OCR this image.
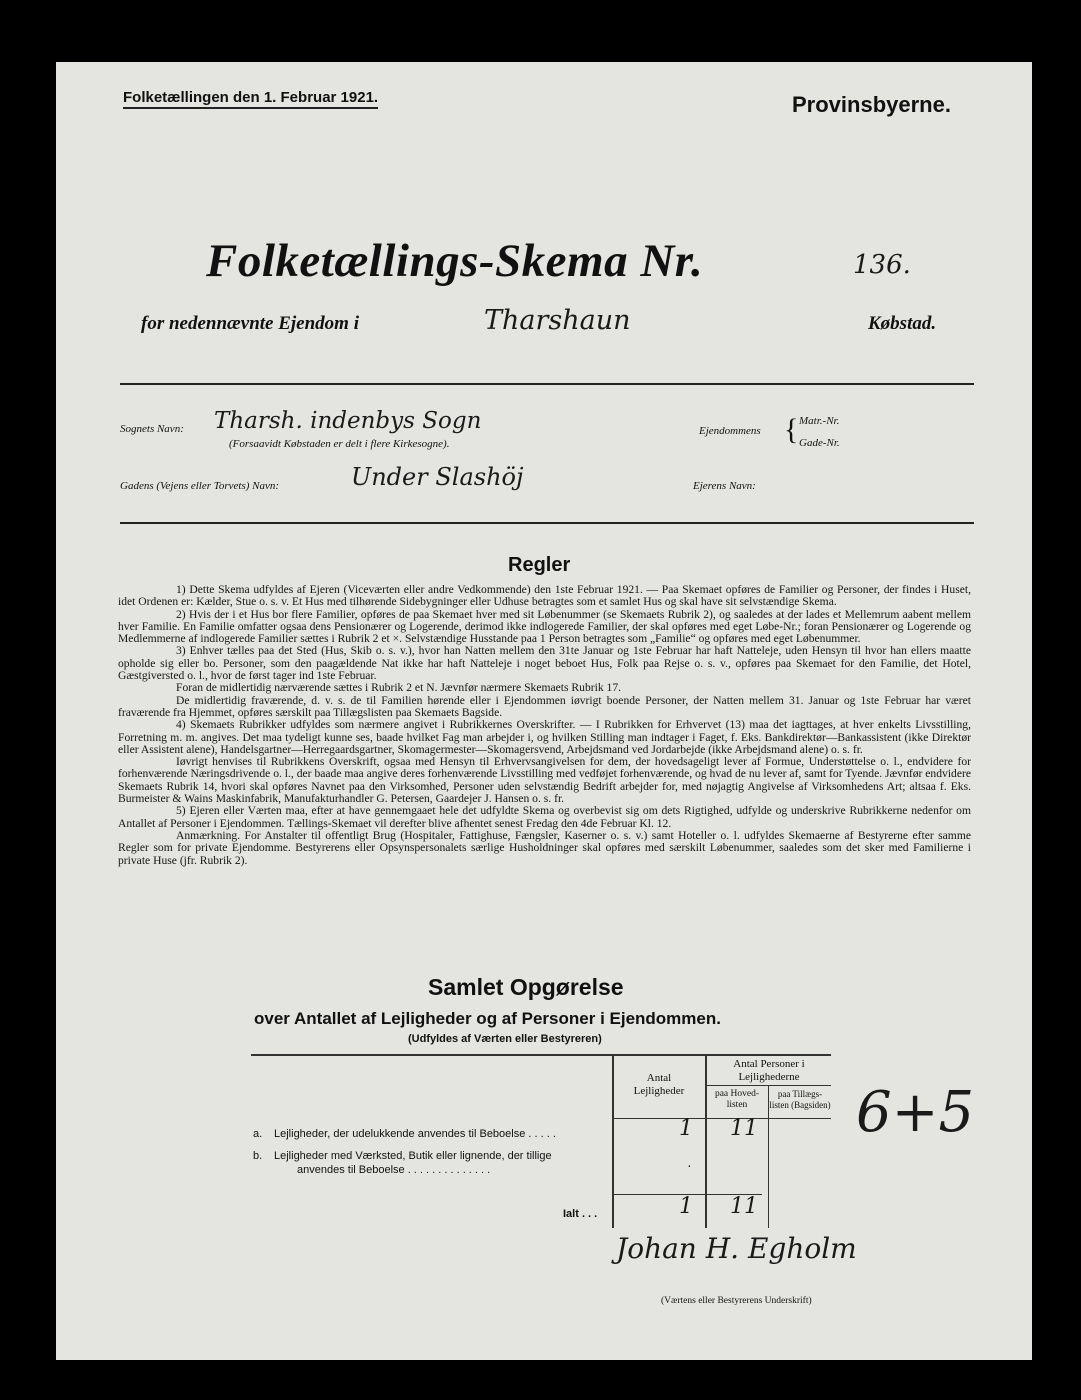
Folketællingen den 1. Februar 1921.	Provinsbyerne.
Folketællings-Skema Nr.	136.
for nedennævnte Ejendom i	Tharshaun	Købstad.
Sognets Navn: Tharsh. indenbys Sogn
(Forsaavidt Købstaden er delt i flere Kirkesogne).
Ejendommens { Matr.-Nr.
Gade-Nr.
Gadens (Vejens eller Torvets) Navn:	Under Slashöj	Ejerens Navn:
Regler

1) Dette Skema udfyldes af Ejeren (Viceværten eller andre Vedkommende) den 1ste Februar 1921. — Paa Skemaet opføres de Familier og Personer, der findes i Huset, idet Ordenen er: Kælder, Stue o. s. v. Et Hus med tilhørende Sidebygninger eller Udhuse betragtes som et samlet Hus og skal have sit selvstændige Skema.

2) Hvis der i et Hus bor flere Familier, opføres de paa Skemaet hver med sit Løbenummer (se Skemaets Rubrik 2), og saaledes at der lades et Mellemrum aabent mellem hver Familie. En Familie omfatter ogsaa dens Pensionærer og Logerende, derimod ikke indlogerede Familier, der skal opføres med eget Løbe-Nr.; foran Pensionærer og Logerende og Medlemmerne af indlogerede Familier sættes i Rubrik 2 et ×. Selvstændige Husstande paa 1 Person betragtes som „Familie“ og opføres med eget Løbenummer.

3) Enhver tælles paa det Sted (Hus, Skib o. s. v.), hvor han Natten mellem den 31te Januar og 1ste Februar har haft Natteleje, uden Hensyn til hvor han ellers maatte opholde sig eller bo. Personer, som den paagældende Nat ikke har haft Natteleje i noget beboet Hus, Folk paa Rejse o. s. v., opføres paa Skemaet for den Familie, det Hotel, Gæstgiversted o. l., hvor de først tager ind 1ste Februar.

Foran de midlertidig nærværende sættes i Rubrik 2 et N. Jævnfør nærmere Skemaets Rubrik 17.

De midlertidig fraværende, d. v. s. de til Familien hørende eller i Ejendommen iøvrigt boende Personer, der Natten mellem 31. Januar og 1ste Februar har været fraværende fra Hjemmet, opføres særskilt paa Tillægslisten paa Skemaets Bagside.

4) Skemaets Rubrikker udfyldes som nærmere angivet i Rubrikkernes Overskrifter. — I Rubrikken for Erhvervet (13) maa det iagttages, at hver enkelts Livsstilling, Forretning m. m. angives. Det maa tydeligt kunne ses, baade hvilket Fag man arbejder i, og hvilken Stilling man indtager i Faget, f. Eks. Bankdirektør—Bankassistent (ikke Direktør eller Assistent alene), Handelsgartner—Herregaardsgartner, Skomagermester—Skomagersvend, Arbejdsmand ved Jordarbejde (ikke Arbejdsmand alene) o. s. fr.

Iøvrigt henvises til Rubrikkens Overskrift, ogsaa med Hensyn til Erhvervsangivelsen for dem, der hovedsageligt lever af Formue, Understøttelse o. l., endvidere for forhenværende Næringsdrivende o. l., der baade maa angive deres forhenværende Livsstilling med vedføjet forhenværende, og hvad de nu lever af, samt for Tyende. Jævnfør endvidere Skemaets Rubrik 14, hvori skal opføres Navnet paa den Virksomhed, Personer uden selvstændig Bedrift arbejder for, med nøjagtig Angivelse af Virksomhedens Art; altsaa f. Eks. Burmeister & Wains Maskinfabrik, Manufakturhandler G. Petersen, Gaardejer J. Hansen o. s. fr.

5) Ejeren eller Værten maa, efter at have gennemgaaet hele det udfyldte Skema og overbevist sig om dets Rigtighed, udfylde og underskrive Rubrikkerne nedenfor om Antallet af Personer i Ejendommen. Tællings-Skemaet vil derefter blive afhentet senest Fredag den 4de Februar Kl. 12.

Anmærkning. For Anstalter til offentligt Brug (Hospitaler, Fattighuse, Fængsler, Kaserner o. s. v.) samt Hoteller o. l. udfyldes Skemaerne af Bestyrerne efter samme Regler som for private Ejendomme. Bestyrerens eller Opsynspersonalets særlige Husholdninger skal opføres med særskilt Løbenummer, saaledes som det sker med Familierne i private Huse (jfr. Rubrik 2).

Samlet Opgørelse
over Antallet af Lejligheder og af Personer i Ejendommen.
(Udfyldes af Værten eller Bestyreren)
Antal Lejligheder
Antal Personer i Lejlighederne
paa Hoved-listen
paa Tillægs-listen (Bagsiden)
a. Lejligheder, der udelukkende anvendes til Beboelse . . . . .	1 11
b. Lejligheder med Værksted, Butik eller lignende, der tillige
anvendes til Beboelse . . . . . . . . . . . . . .	·
Ialt . . .	1 11
6+5
Johan H. Egholm
(Værtens eller Bestyrerens Underskrift)
